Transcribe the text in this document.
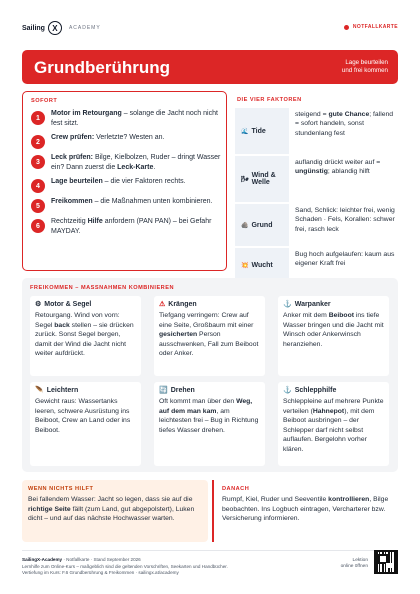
Sailing X	ACADEMY	NOTFALLKARTE
Grundberührung	Lage beurteilen
und frei kommen
SOFORT
1
Motor im Retourgang – solange die Jacht noch nicht fest sitzt.
2
Crew prüfen: Verletzte? Westen an.
3
Leck prüfen: Bilge, Kielbolzen, Ruder – dringt Wasser ein? Dann zuerst die Leck-Karte.
4
Lage beurteilen – die vier Faktoren rechts.
5
Freikommen – die Maßnahmen unten kombinieren.
6
Rechtzeitig Hilfe anfordern (PAN PAN) – bei Gefahr MAYDAY.
DIE VIER FAKTOREN
🌊 Tide
steigend = gute Chance; fallend = sofort handeln, sonst stundenlang fest
🌬
Wind & Welle
auflandig drückt weiter auf = ungünstig; ablandig hilft
🪨 Grund
Sand, Schlick: leichter frei, wenig Schaden · Fels, Korallen: schwer frei, rasch leck
💥 Wucht
Bug hoch aufgelaufen: kaum aus eigener Kraft frei
FREIKOMMEN – MASSNAHMEN KOMBINIEREN
⚙ Motor & Segel
Retourgang. Wind von vorn: Segel back stellen – sie drücken zurück. Sonst Segel bergen, damit der Wind die Jacht nicht weiter aufdrückt.
⚠ Krängen
Tiefgang verringern: Crew auf eine Seite, Großbaum mit einer gesicherten Person ausschwenken, Fall zum Beiboot oder Anker.
⚓ Warpanker
Anker mit dem Beiboot ins tiefe Wasser bringen und die Jacht mit Winsch oder Ankerwinsch heranziehen.
🪶 Leichtern
Gewicht raus: Wassertanks leeren, schwere Ausrüstung ins Beiboot, Crew an Land oder ins Beiboot.
🔄 Drehen
Oft kommt man über den Weg, auf dem man kam, am leichtesten frei – Bug in Richtung tiefes Wasser drehen.
⚓ Schlepphilfe
Schleppleine auf mehrere Punkte verteilen (Hahnepot), mit dem Beiboot ausbringen – der Schlepper darf nicht selbst auflaufen. Bergelohn vorher klären.
WENN NICHTS HILFT
Bei fallendem Wasser: Jacht so legen, dass sie auf die richtige Seite fällt (zum Land, gut abgepolstert), Luken dicht – und auf das nächste Hochwasser warten.
DANACH
Rumpf, Kiel, Ruder und Seeventile kontrollieren, Bilge beobachten. Ins Logbuch eintragen, Vercharterer bzw. Versicherung informieren.
SailingX-Academy · Notfallkarte · Stand September 2026
Lernhilfe zum Online-Kurs – maßgeblich sind die geltenden Vorschriften, Seekarten und Handbücher.
Vertiefung im Kurs: F.6 Grundberührung & Freikommen · sailingx.at/academy
Lektion
online öffnen
